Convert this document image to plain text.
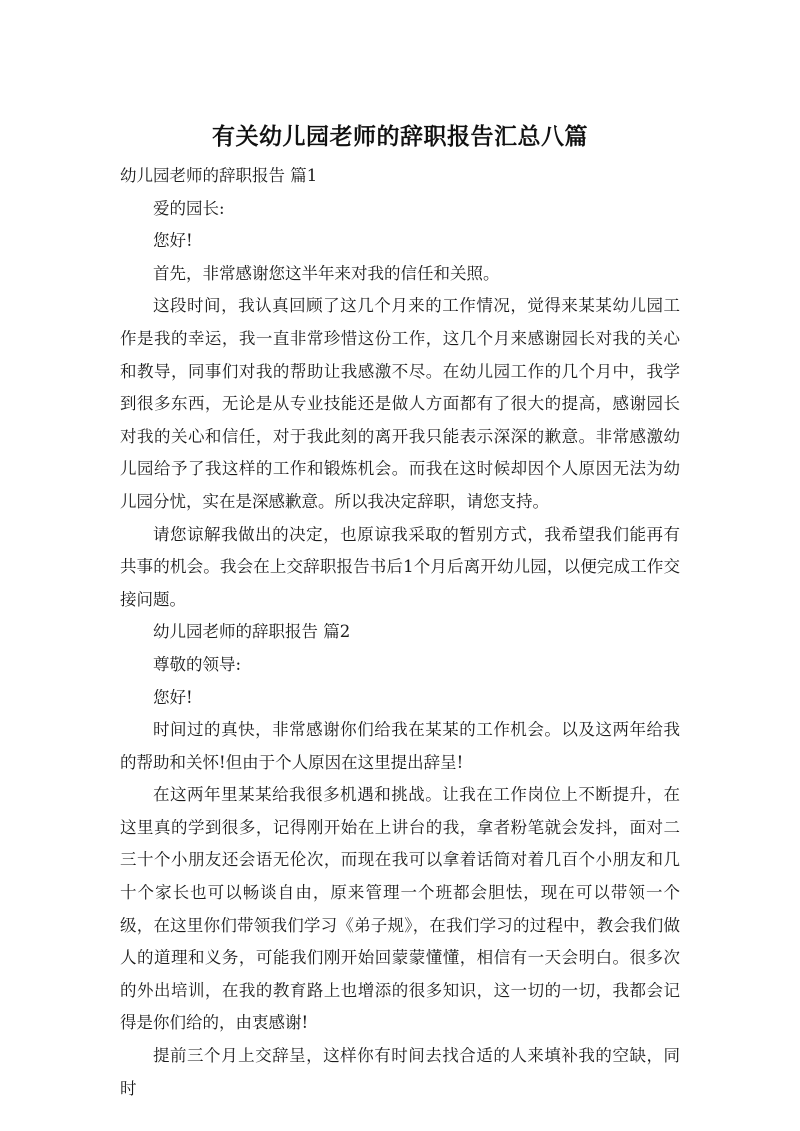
有关幼儿园老师的辞职报告汇总八篇

幼儿园老师的辞职报告 篇1

爱的园长:

您好!

首先，非常感谢您这半年来对我的信任和关照。

这段时间，我认真回顾了这几个月来的工作情况，觉得来某某幼儿园工作是我的幸运，我一直非常珍惜这份工作，这几个月来感谢园长对我的关心和教导，同事们对我的帮助让我感激不尽。在幼儿园工作的几个月中，我学到很多东西，无论是从专业技能还是做人方面都有了很大的提高，感谢园长对我的关心和信任，对于我此刻的离开我只能表示深深的歉意。非常感激幼儿园给予了我这样的工作和锻炼机会。而我在这时候却因个人原因无法为幼儿园分忧，实在是深感歉意。所以我决定辞职，请您支持。

请您谅解我做出的决定，也原谅我采取的暂别方式，我希望我们能再有共事的机会。我会在上交辞职报告书后1个月后离开幼儿园，以便完成工作交接问题。

幼儿园老师的辞职报告 篇2

尊敬的领导:

您好!

时间过的真快，非常感谢你们给我在某某的工作机会。以及这两年给我的帮助和关怀!但由于个人原因在这里提出辞呈!

在这两年里某某给我很多机遇和挑战。让我在工作岗位上不断提升，在这里真的学到很多，记得刚开始在上讲台的我，拿者粉笔就会发抖，面对二三十个小朋友还会语无伦次，而现在我可以拿着话筒对着几百个小朋友和几十个家长也可以畅谈自由，原来管理一个班都会胆怯，现在可以带领一个级，在这里你们带领我们学习《弟子规》，在我们学习的过程中，教会我们做人的道理和义务，可能我们刚开始回蒙蒙懂懂，相信有一天会明白。很多次的外出培训，在我的教育路上也增添的很多知识，这一切的一切，我都会记得是你们给的，由衷感谢!

提前三个月上交辞呈，这样你有时间去找合适的人来填补我的空缺，同时
